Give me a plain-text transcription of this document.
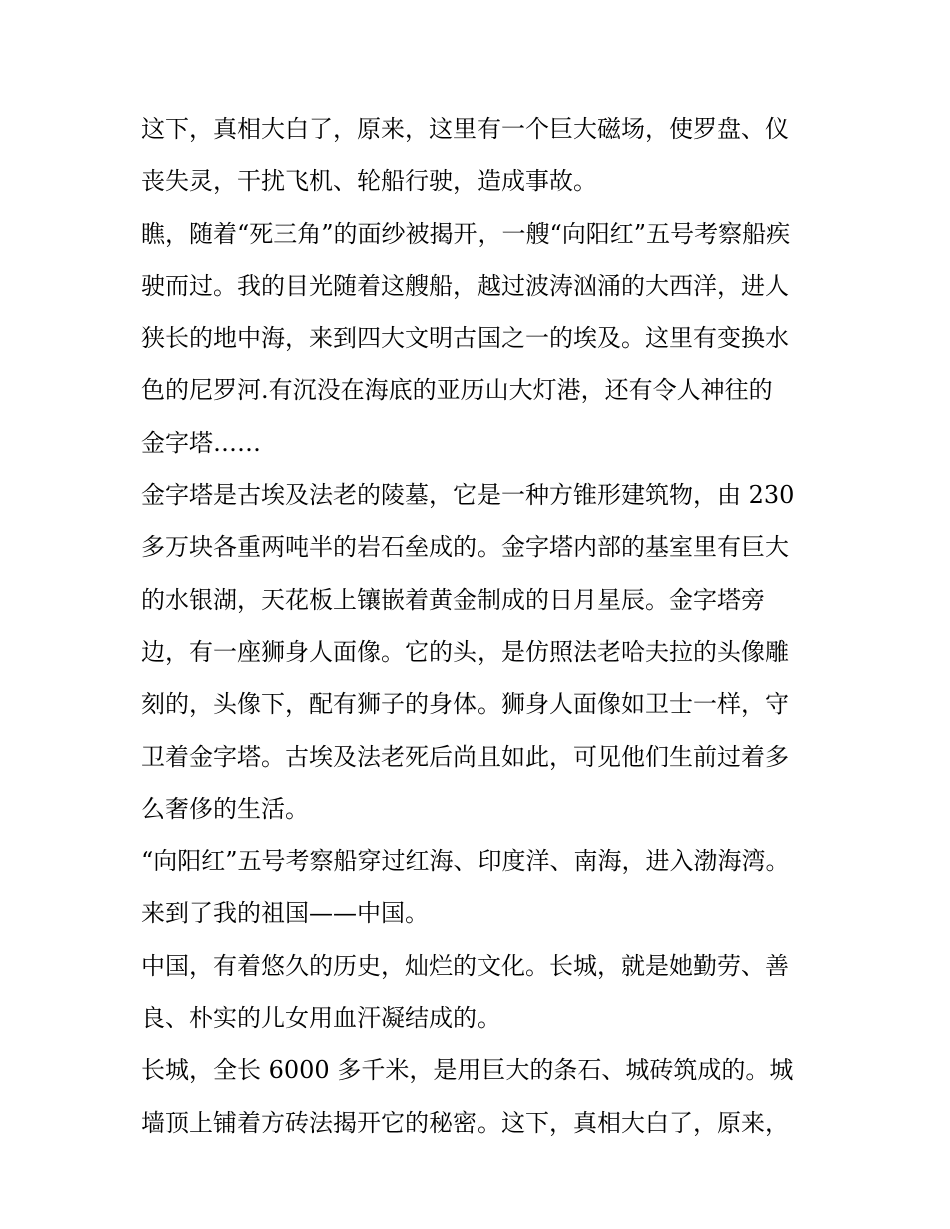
这下，真相大白了，原来，这里有一个巨大磁场，使罗盘、仪
丧失灵，干扰飞机、轮船行驶，造成事故。

瞧，随着“死三角”的面纱被揭开，一艘“向阳红”五号考察船疾
驶而过。我的目光随着这艘船，越过波涛汹涌的大西洋，进人
狭长的地中海，来到四大文明古国之一的埃及。这里有变换水
色的尼罗河.有沉没在海底的亚历山大灯港，还有令人神往的
金字塔……

金字塔是古埃及法老的陵墓，它是一种方锥形建筑物，由 230
多万块各重两吨半的岩石垒成的。金字塔内部的基室里有巨大
的水银湖，天花板上镶嵌着黄金制成的日月星辰。金字塔旁
边，有一座狮身人面像。它的头，是仿照法老哈夫拉的头像雕
刻的，头像下，配有狮子的身体。狮身人面像如卫士一样，守
卫着金字塔。古埃及法老死后尚且如此，可见他们生前过着多
么奢侈的生活。

“向阳红”五号考察船穿过红海、印度洋、南海，进入渤海湾。
来到了我的祖国——中国。

中国，有着悠久的历史，灿烂的文化。长城，就是她勤劳、善
良、朴实的儿女用血汗凝结成的。

长城，全长 6000 多千米，是用巨大的条石、城砖筑成的。城
墙顶上铺着方砖法揭开它的秘密。这下，真相大白了，原来，
